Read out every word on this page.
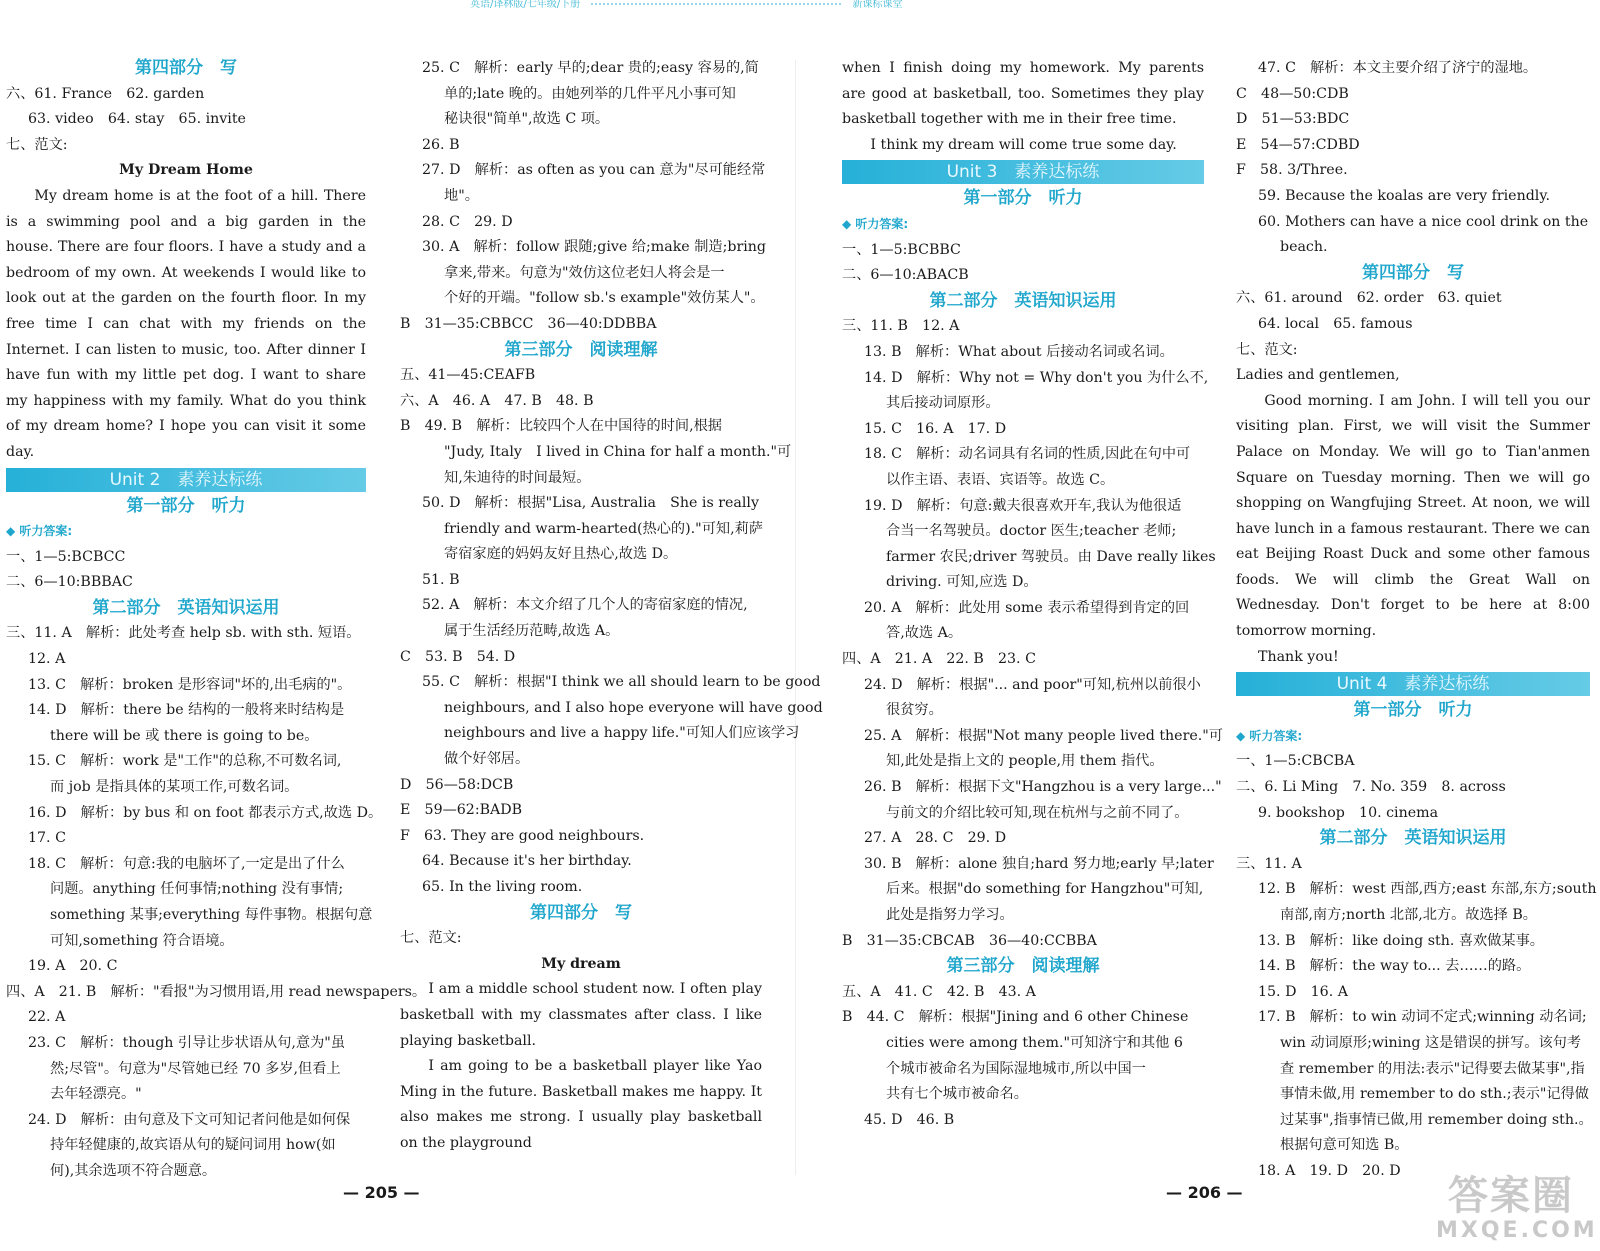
英语/译林版/七年级/下册	新课标课堂
第四部分　写
六、61. France　62. garden
63. video　64. stay　65. invite
七、范文:
My Dream Home
My dream home is at the foot of a hill. There is a swimming pool and a big garden in the house. There are four floors. I have a study and a bedroom of my own. At weekends I would like to look out at the garden on the fourth floor. In my free time I can chat with my friends on the Internet. I can listen to music, too. After dinner I have fun with my little pet dog. I want to share my happiness with my family. What do you think of my dream home? I hope you can visit it some day.
Unit 2　素养达标练
第一部分　听力
◆ 听力答案:
一、1—5:BCBCC
二、6—10:BBBAC
第二部分　英语知识运用
三、11. A　解析：此处考查 help sb. with sth. 短语。
12. A
13. C　解析：broken 是形容词"坏的,出毛病的"。
14. D　解析：there be 结构的一般将来时结构是
there will be 或 there is going to be。
15. C　解析：work 是"工作"的总称,不可数名词,
而 job 是指具体的某项工作,可数名词。
16. D　解析：by bus 和 on foot 都表示方式,故选 D。
17. C
18. C　解析：句意:我的电脑坏了,一定是出了什么
问题。anything 任何事情;nothing 没有事情;
something 某事;everything 每件事物。根据句意
可知,something 符合语境。
19. A　20. C
四、A　21. B　解析："看报"为习惯用语,用 read newspapers。
22. A
23. C　解析：though 引导让步状语从句,意为"虽
然;尽管"。句意为"尽管她已经 70 多岁,但看上
去年轻漂亮。"
24. D　解析：由句意及下文可知记者问他是如何保
持年轻健康的,故宾语从句的疑问词用 how(如
何),其余选项不符合题意。
25. C　解析：early 早的;dear 贵的;easy 容易的,简
单的;late 晚的。由她列举的几件平凡小事可知
秘诀很"简单",故选 C 项。
26. B
27. D　解析：as often as you can 意为"尽可能经常
地"。
28. C　29. D
30. A　解析：follow 跟随;give 给;make 制造;bring
拿来,带来。句意为"效仿这位老妇人将会是一
个好的开端。"follow sb.'s example"效仿某人"。
B　31—35:CBBCC　36—40:DDBBA
第三部分　阅读理解
五、41—45:CEAFB
六、A　46. A　47. B　48. B
B　49. B　解析：比较四个人在中国待的时间,根据
"Judy, Italy　I lived in China for half a month."可
知,朱迪待的时间最短。
50. D　解析：根据"Lisa, Australia　She is really
friendly and warm-hearted(热心的)."可知,莉萨
寄宿家庭的妈妈友好且热心,故选 D。
51. B
52. A　解析：本文介绍了几个人的寄宿家庭的情况,
属于生活经历范畴,故选 A。
C　53. B　54. D
55. C　解析：根据"I think we all should learn to be good
neighbours, and I also hope everyone will have good
neighbours and live a happy life."可知人们应该学习
做个好邻居。
D　56—58:DCB
E　59—62:BADB
F　63. They are good neighbours.
64. Because it's her birthday.
65. In the living room.
第四部分　写
七、范文:
My dream
I am a middle school student now. I often play basketball with my classmates after class. I like playing basketball.
I am going to be a basketball player like Yao Ming in the future. Basketball makes me happy. It also makes me strong. I usually play basketball on the playground
when I finish doing my homework. My parents are good at basketball, too. Sometimes they play basketball together with me in their free time.
I think my dream will come true some day.
Unit 3　素养达标练
第一部分　听力
◆ 听力答案:
一、1—5:BCBBC
二、6—10:ABACB
第二部分　英语知识运用
三、11. B　12. A
13. B　解析：What about 后接动名词或名词。
14. D　解析：Why not = Why don't you 为什么不,
其后接动词原形。
15. C　16. A　17. D
18. C　解析：动名词具有名词的性质,因此在句中可
以作主语、表语、宾语等。故选 C。
19. D　解析：句意:戴夫很喜欢开车,我认为他很适
合当一名驾驶员。doctor 医生;teacher 老师;
farmer 农民;driver 驾驶员。由 Dave really likes
driving. 可知,应选 D。
20. A　解析：此处用 some 表示希望得到肯定的回
答,故选 A。
四、A　21. A　22. B　23. C
24. D　解析：根据"... and poor"可知,杭州以前很小
很贫穷。
25. A　解析：根据"Not many people lived there."可
知,此处是指上文的 people,用 them 指代。
26. B　解析：根据下文"Hangzhou is a very large..."
与前文的介绍比较可知,现在杭州与之前不同了。
27. A　28. C　29. D
30. B　解析：alone 独自;hard 努力地;early 早;later
后来。根据"do something for Hangzhou"可知,
此处是指努力学习。
B　31—35:CBCAB　36—40:CCBBA
第三部分　阅读理解
五、A　41. C　42. B　43. A
B　44. C　解析：根据"Jining and 6 other Chinese
cities were among them."可知济宁和其他 6
个城市被命名为国际湿地城市,所以中国一
共有七个城市被命名。
45. D　46. B
47. C　解析：本文主要介绍了济宁的湿地。
C　48—50:CDB
D　51—53:BDC
E　54—57:CDBD
F　58. 3/Three.
59. Because the koalas are very friendly.
60. Mothers can have a nice cool drink on the
beach.
第四部分　写
六、61. around　62. order　63. quiet
64. local　65. famous
七、范文:
Ladies and gentlemen,
Good morning. I am John. I will tell you our visiting plan. First, we will visit the Summer Palace on Monday. We will go to Tian'anmen Square on Tuesday morning. Then we will go shopping on Wangfujing Street. At noon, we will have lunch in a famous restaurant. There we can eat Beijing Roast Duck and some other famous foods. We will climb the Great Wall on Wednesday. Don't forget to be here at 8:00 tomorrow morning.
Thank you!
Unit 4　素养达标练
第一部分　听力
◆ 听力答案:
一、1—5:CBCBA
二、6. Li Ming　7. No. 359　8. across
9. bookshop　10. cinema
第二部分　英语知识运用
三、11. A
12. B　解析：west 西部,西方;east 东部,东方;south
南部,南方;north 北部,北方。故选择 B。
13. B　解析：like doing sth. 喜欢做某事。
14. B　解析：the way to... 去……的路。
15. D　16. A
17. B　解析：to win 动词不定式;winning 动名词;
win 动词原形;wining 这是错误的拼写。该句考
查 remember 的用法:表示"记得要去做某事",指
事情未做,用 remember to do sth.;表示"记得做
过某事",指事情已做,用 remember doing sth.。
根据句意可知选 B。
18. A　19. D　20. D
— 205 —	— 206 —	答案圈
MXQE.COM
